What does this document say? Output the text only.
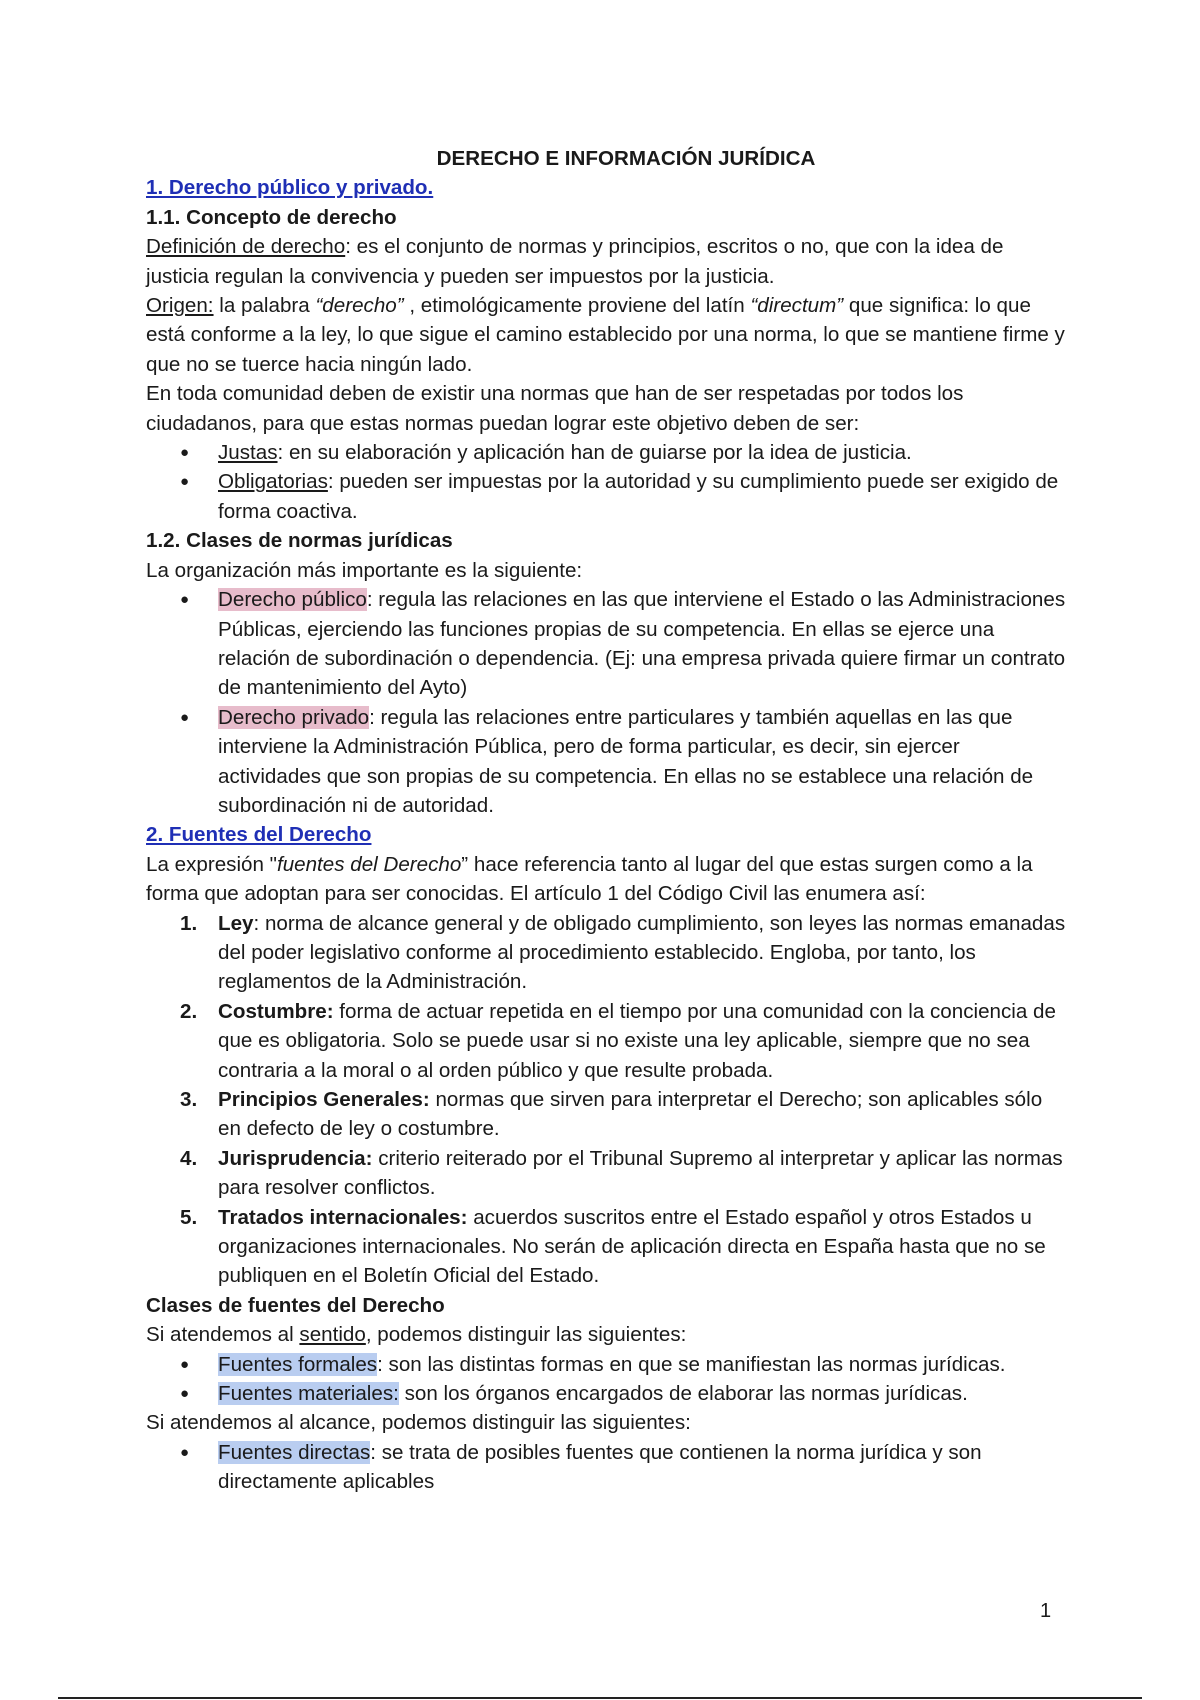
DERECHO E INFORMACIÓN JURÍDICA

1. Derecho público y privado.

1.1. Concepto de derecho

Definición de derecho: es el conjunto de normas y principios, escritos o no, que con la idea de justicia regulan la convivencia y pueden ser impuestos por la justicia.

Origen: la palabra “derecho” , etimológicamente proviene del latín “directum” que significa: lo que está conforme a la ley, lo que sigue el camino establecido por una norma, lo que se mantiene firme y que no se tuerce hacia ningún lado.

En toda comunidad deben de existir una normas que han de ser respetadas por todos los ciudadanos, para que estas normas puedan lograr este objetivo deben de ser:

● Justas: en su elaboración y aplicación han de guiarse por la idea de justicia.
● Obligatorias: pueden ser impuestas por la autoridad y su cumplimiento puede ser exigido de forma coactiva.

1.2. Clases de normas jurídicas

La organización más importante es la siguiente:

● Derecho público: regula las relaciones en las que interviene el Estado o las Administraciones Públicas, ejerciendo las funciones propias de su competencia. En ellas se ejerce una relación de subordinación o dependencia. (Ej: una empresa privada quiere firmar un contrato de mantenimiento del Ayto)
● Derecho privado: regula las relaciones entre particulares y también aquellas en las que interviene la Administración Pública, pero de forma particular, es decir, sin ejercer actividades que son propias de su competencia. En ellas no se establece una relación de subordinación ni de autoridad.

2. Fuentes del Derecho

La expresión "fuentes del Derecho” hace referencia tanto al lugar del que estas surgen como a la forma que adoptan para ser conocidas. El artículo 1 del Código Civil las enumera así:

1. Ley: norma de alcance general y de obligado cumplimiento, son leyes las normas emanadas del poder legislativo conforme al procedimiento establecido. Engloba, por tanto, los reglamentos de la Administración.
2. Costumbre: forma de actuar repetida en el tiempo por una comunidad con la conciencia de que es obligatoria. Solo se puede usar si no existe una ley aplicable, siempre que no sea contraria a la moral o al orden público y que resulte probada.
3. Principios Generales: normas que sirven para interpretar el Derecho; son aplicables sólo en defecto de ley o costumbre.
4. Jurisprudencia: criterio reiterado por el Tribunal Supremo al interpretar y aplicar las normas para resolver conflictos.
5. Tratados internacionales: acuerdos suscritos entre el Estado español y otros Estados u organizaciones internacionales. No serán de aplicación directa en España hasta que no se publiquen en el Boletín Oficial del Estado.

Clases de fuentes del Derecho

Si atendemos al sentido, podemos distinguir las siguientes:

● Fuentes formales: son las distintas formas en que se manifiestan las normas jurídicas.
● Fuentes materiales: son los órganos encargados de elaborar las normas jurídicas.

Si atendemos al alcance, podemos distinguir las siguientes:

● Fuentes directas: se trata de posibles fuentes que contienen la norma jurídica y son directamente aplicables
1
